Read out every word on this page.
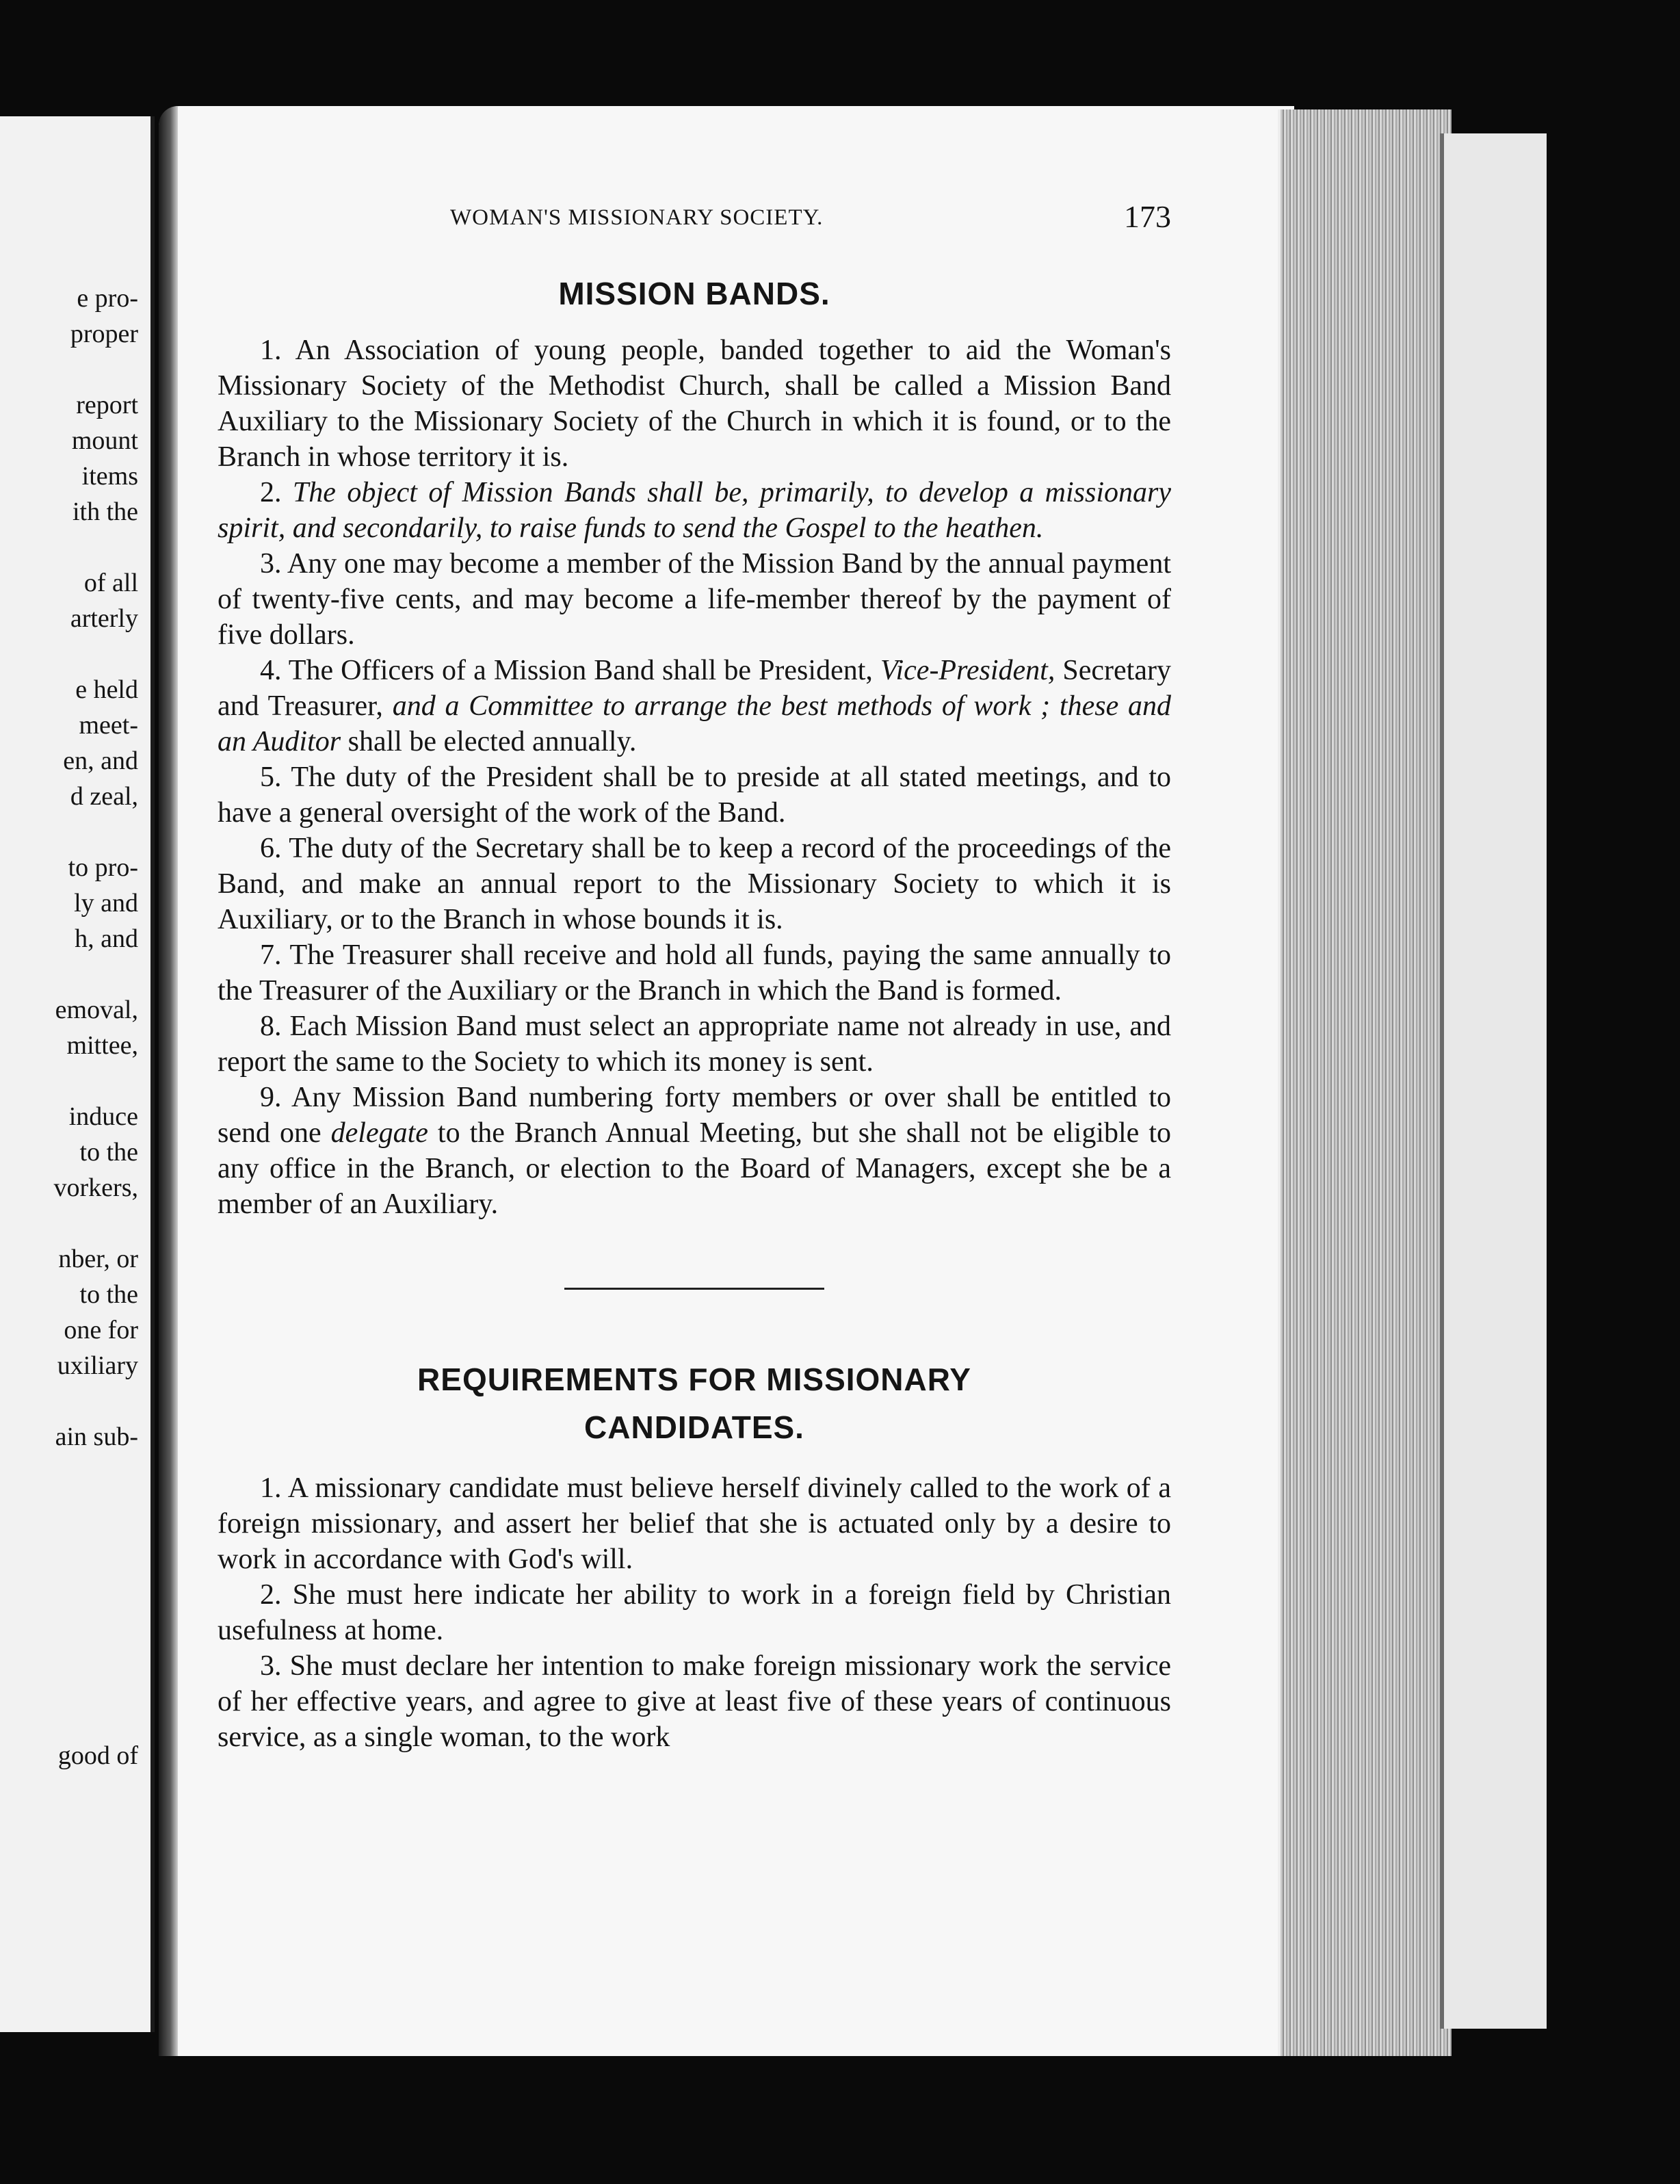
e pro-
proper
report
mount
items
ith the
of all
arterly
e held
meet-
en, and
d zeal,
to pro-
ly and
h, and
emoval,
mittee,
induce
to the
vorkers,
nber, or
to the
one for
uxiliary
ain sub-
good of
WOMAN'S MISSIONARY SOCIETY.	173
MISSION BANDS.

1. An Association of young people, banded together to aid the Woman's Missionary Society of the Methodist Church, shall be called a Mission Band Auxiliary to the Missionary Society of the Church in which it is found, or to the Branch in whose territory it is.

2. The object of Mission Bands shall be, primarily, to develop a missionary spirit, and secondarily, to raise funds to send the Gospel to the heathen.

3. Any one may become a member of the Mission Band by the annual payment of twenty-five cents, and may become a life-member thereof by the payment of five dollars.

4. The Officers of a Mission Band shall be President, Vice-President, Secretary and Treasurer, and a Committee to arrange the best methods of work ; these and an Auditor shall be elected annually.

5. The duty of the President shall be to preside at all stated meetings, and to have a general oversight of the work of the Band.

6. The duty of the Secretary shall be to keep a record of the proceedings of the Band, and make an annual report to the Missionary Society to which it is Auxiliary, or to the Branch in whose bounds it is.

7. The Treasurer shall receive and hold all funds, paying the same annually to the Treasurer of the Auxiliary or the Branch in which the Band is formed.

8. Each Mission Band must select an appropriate name not already in use, and report the same to the Society to which its money is sent.

9. Any Mission Band numbering forty members or over shall be entitled to send one delegate to the Branch Annual Meeting, but she shall not be eligible to any office in the Branch, or election to the Board of Managers, except she be a member of an Auxiliary.

REQUIREMENTS FOR MISSIONARY
CANDIDATES.

1. A missionary candidate must believe herself divinely called to the work of a foreign missionary, and assert her belief that she is actuated only by a desire to work in accordance with God's will.

2. She must here indicate her ability to work in a foreign field by Christian usefulness at home.

3. She must declare her intention to make foreign missionary work the service of her effective years, and agree to give at least five of these years of continuous service, as a single woman, to the work
